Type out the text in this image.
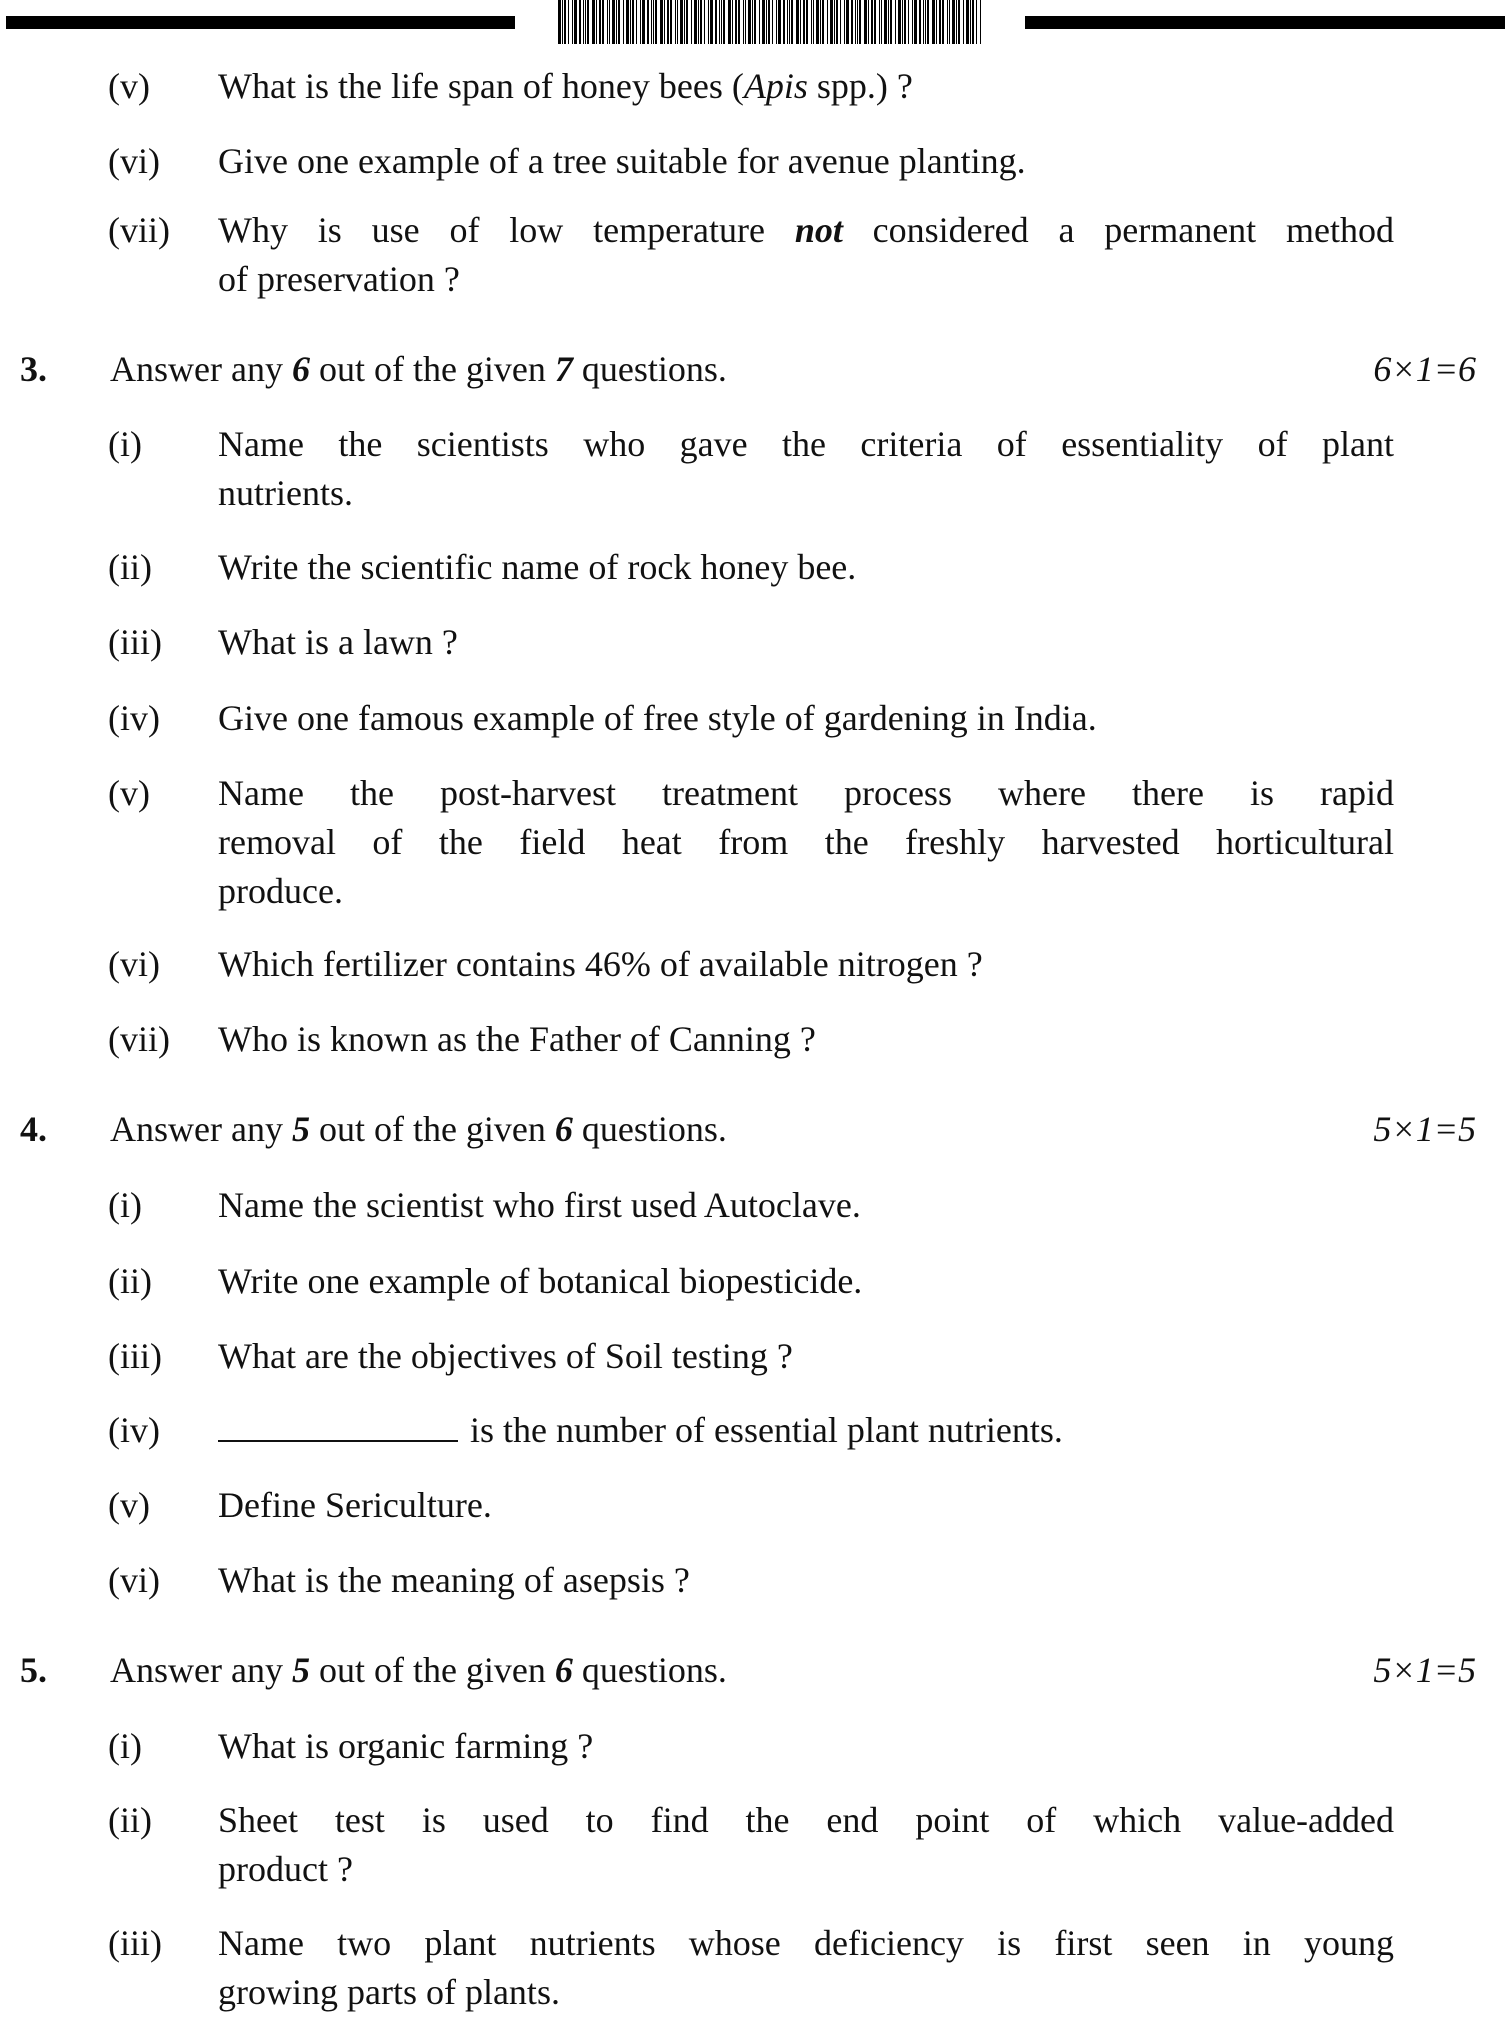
(v) What is the life span of honey bees (Apis spp.) ?
(vi) Give one example of a tree suitable for avenue planting.
(vii) Why is use of low temperature not considered a permanent method
of preservation ?
3.	6×1=6
Answer any 6 out of the given 7 questions.
(i) Name the scientists who gave the criteria of essentiality of plant
nutrients.
(ii) Write the scientific name of rock honey bee.
(iii) What is a lawn ?
(iv) Give one famous example of free style of gardening in India.
(v) Name the post-harvest treatment process where there is rapid
removal of the field heat from the freshly harvested horticultural
produce.
(vi) Which fertilizer contains 46% of available nitrogen ?
(vii) Who is known as the Father of Canning ?
4.	5×1=5
Answer any 5 out of the given 6 questions.
(i) Name the scientist who first used Autoclave.
(ii) Write one example of botanical biopesticide.
(iii) What are the objectives of Soil testing ?
(iv)	is the number of essential plant nutrients.
(v) Define Sericulture.
(vi) What is the meaning of asepsis ?
5.	5×1=5
Answer any 5 out of the given 6 questions.
(i) What is organic farming ?
(ii) Sheet test is used to find the end point of which value-added
product ?
(iii) Name two plant nutrients whose deficiency is first seen in young
growing parts of plants.
